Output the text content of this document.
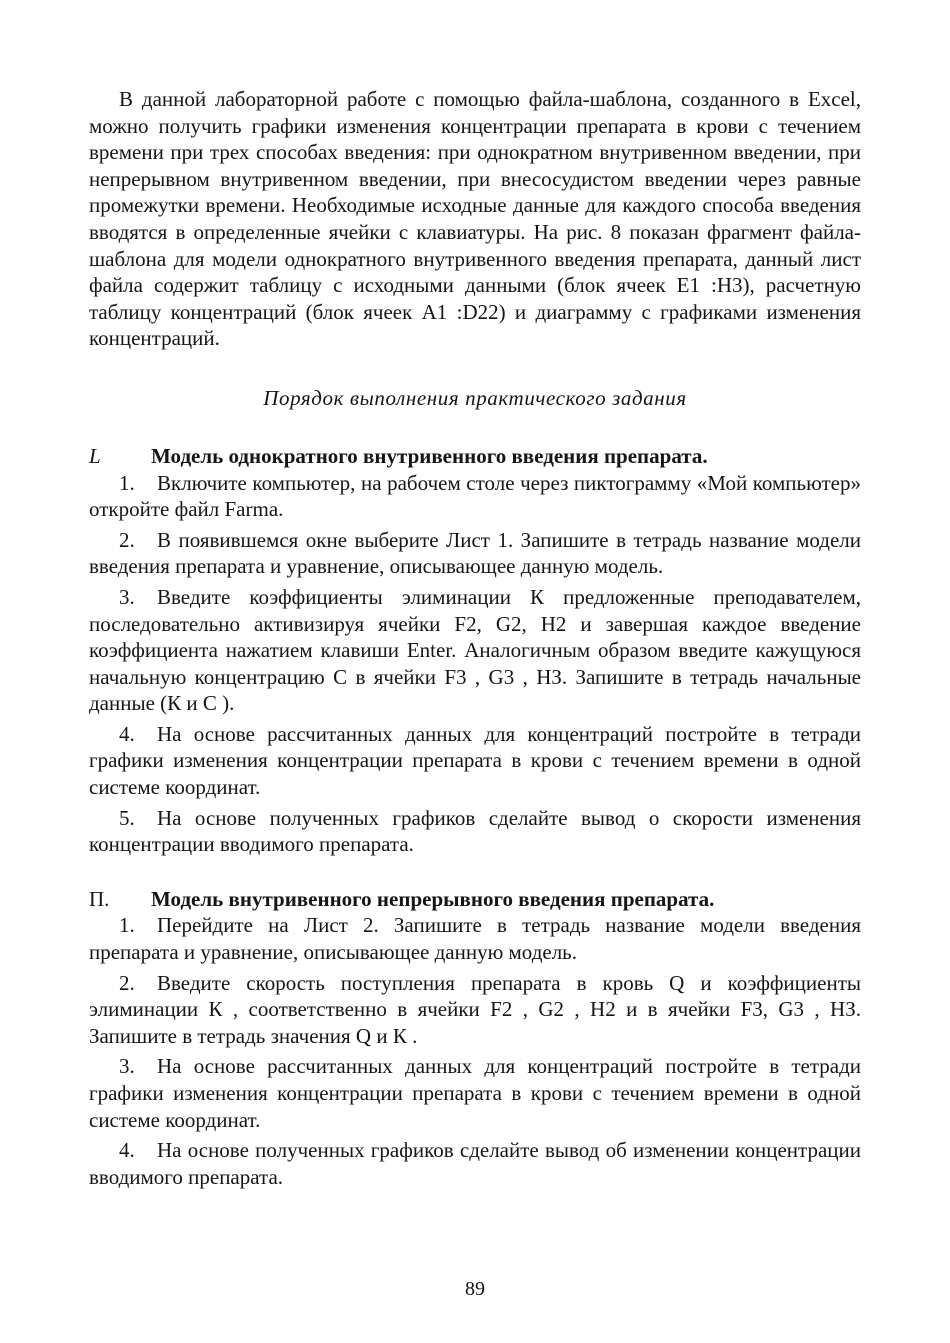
В данной лабораторной работе с помощью файла-шаблона, созданного в Excel, можно получить графики изменения концентрации препарата в крови с течением времени при трех способах введения: при однократном внутривенном введении, при непрерывном внутривенном введении, при внесосудистом введении через равные промежутки времени. Необходимые исходные данные для каждого способа введения вводятся в определенные ячейки с клавиатуры. На рис. 8 показан фрагмент файла-шаблона для модели однократного внутривенного введения препарата, данный лист файла содержит таблицу с исходными данными (блок ячеек E1 :H3), расчетную таблицу концентраций (блок ячеек A1 :D22) и диаграмму с графиками изменения концентраций.

Порядок выполнения практического задания

L Модель однократного внутривенного введения препарата.

1. Включите компьютер, на рабочем столе через пиктограмму «Мой компьютер» откройте файл Farma.

2. В появившемся окне выберите Лист 1. Запишите в тетрадь название модели введения препарата и уравнение, описывающее данную модель.

3. Введите коэффициенты элиминации К предложенные преподавателем, последовательно активизируя ячейки F2, G2, H2 и завершая каждое введение коэффициента нажатием клавиши Enter. Аналогичным образом введите кажущуюся начальную концентрацию С в ячейки F3 , G3 , НЗ. Запишите в тетрадь начальные данные (К и С ).

4. На основе рассчитанных данных для концентраций постройте в тетради графики изменения концентрации препарата в крови с течением времени в одной системе координат.

5. На основе полученных графиков сделайте вывод о скорости изменения концентрации вводимого препарата.

П. Модель внутривенного непрерывного введения препарата.

1. Перейдите на Лист 2. Запишите в тетрадь название модели введения препарата и уравнение, описывающее данную модель.

2. Введите скорость поступления препарата в кровь Q и коэффициенты элиминации К , соответственно в ячейки F2 , G2 , H2 и в ячейки F3, G3 , НЗ. Запишите в тетрадь значения Q и К .

3. На основе рассчитанных данных для концентраций постройте в тетради графики изменения концентрации препарата в крови с течением времени в одной системе координат.

4. На основе полученных графиков сделайте вывод об изменении концентрации вводимого препарата.

89
